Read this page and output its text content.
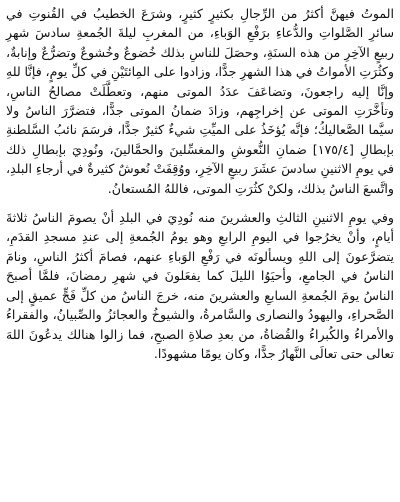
الموتُ فيهنَّ أكثرُ من الرِّجالِ بكثيرٍ كثيرٍ، وشرَعَ الخطيبُ في القُنوتِ في سائرِ الصَّلواتِ والدُّعاءِ برَفْعِ الوَباءِ، من المغربِ ليلةَ الجُمعةِ سادسَ شهرِ ربيعٍ الآخِرِ من هذه السنَةِ، وحصَلَ للناسِ بذلك خُضوعٌ وخُشوعٌ وتضرُّعٌ وإنابةٌ، وكثُرَتِ الأمواتُ في هذا الشهرِ جدًّا، وزادوا على المِائتَيْنِ في كلِّ يومٍ، فإنَّا للهِ وإنَّا إليه راجعونَ، وتضاعَفَ عدَدُ الموتى منهم، وتعطَّلَتْ مصالحُ الناسِ، وتأخَّرَتِ الموتى عن إخراجِهم، وزادَ ضمانُ الموتى جدًّا، فتضرَّرَ الناسُ ولا سيَّما الصَّعاليكُ؛ فإنَّه يُؤخَذُ على الميِّتِ شيءٌ كثيرٌ جدًّا، فرسَمَ نائبُ السَّلطنةِ بإبطالِ [١٧٥/٤] ضمانِ النُّعوشِ والمغسِّلينَ والحمَّالينَ، ونُودِيَ بإبطالِ ذلك في يومِ الاثنينِ سادسَ عشَرَ ربيعٍ الآخِرِ، ووُقِفَتْ نُعوشٌ كثيرةٌ في أرجاءِ البلدِ، واتَّسعَ الناسُ بذلك، ولكنْ كثُرَتِ الموتى، فاللهُ المُستعانُ.

وفي يومِ الاثنينِ الثالثِ والعشرينَ منه نُودِيَ في البلدِ أنْ يصومَ الناسُ ثلاثةَ أيامٍ، وأنْ يخرُجوا في اليومِ الرابعِ وهو يومُ الجُمعةِ إلى عندِ مسجدِ القدَمِ، يتضرَّعونَ إلى اللهِ ويسألونَه في رَفْعِ الوَباءِ عنهم، فصامَ أكثرُ الناسِ، ونامَ الناسُ في الجامعِ، وأحيَوُا الليلَ كما يفعَلونَ في شهرِ رمضانَ، فلمَّا أصبحَ الناسُ يومَ الجُمعةِ السابعِ والعشرينَ منه، خرجَ الناسُ من كلِّ فَجٍّ عميقٍ إلى الصَّحراءِ، واليهودُ والنصارى والسَّامرةُ، والشيوخُ والعجائزُ والصِّبيانُ، والفقراءُ والأمراءُ والكُبراءُ والقُضاةُ، من بعدِ صلاةِ الصبحِ، فما زالوا هنالك يدعُونَ اللهَ تعالى حتى تعالَى النَّهارُ جدًّا، وكان يومًا مشهودًا.
